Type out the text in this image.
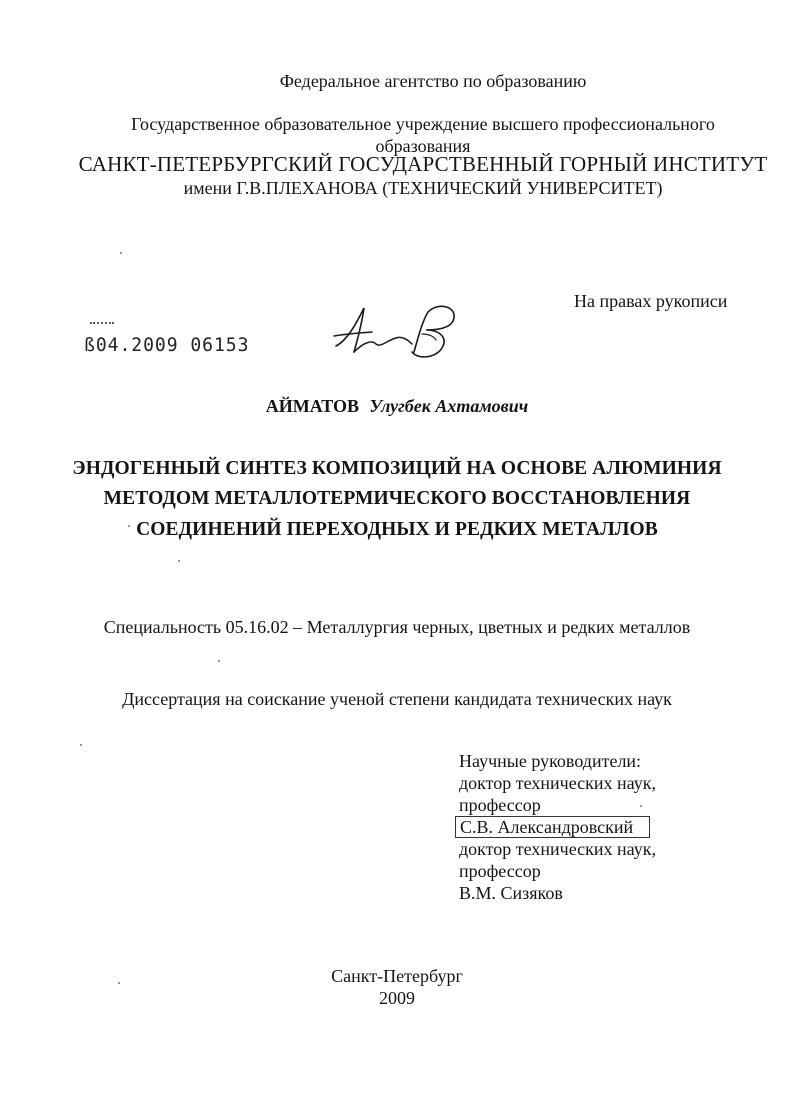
Федеральное агентство по образованию
Государственное образовательное учреждение высшего профессионального
образования
САНКТ-ПЕТЕРБУРГСКИЙ ГОСУДАРСТВЕННЫЙ ГОРНЫЙ ИНСТИТУТ
имени Г.В.ПЛЕХАНОВА (ТЕХНИЧЕСКИЙ УНИВЕРСИТЕТ)
На правах рукописи
ß04.2009 06153
АЙМАТОВ Улугбек Ахтамович
ЭНДОГЕННЫЙ СИНТЕЗ КОМПОЗИЦИЙ НА ОСНОВЕ АЛЮМИНИЯ
МЕТОДОМ МЕТАЛЛОТЕРМИЧЕСКОГО ВОССТАНОВЛЕНИЯ
СОЕДИНЕНИЙ ПЕРЕХОДНЫХ И РЕДКИХ МЕТАЛЛОВ
Специальность 05.16.02 – Металлургия черных, цветных и редких металлов
Диссертация на соискание ученой степени кандидата технических наук
Научные руководители:
доктор технических наук,
профессор
С.В. Александровский
доктор технических наук,
профессор
В.М. Сизяков
Санкт-Петербург
2009
